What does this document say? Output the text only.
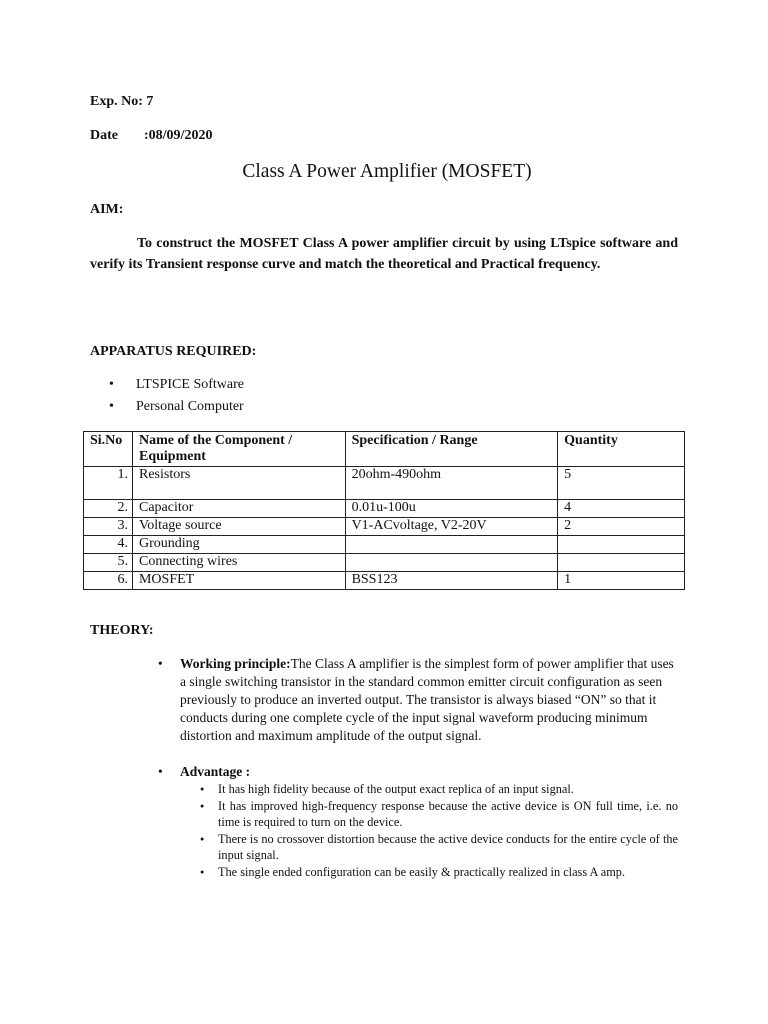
Exp. No: 7
Date :08/09/2020
Class A Power Amplifier (MOSFET)
AIM:

To construct the MOSFET Class A power amplifier circuit by using LTspice software and verify its Transient response curve and match the theoretical and Practical frequency.

APPARATUS REQUIRED:
• LTSPICE Software
• Personal Computer
Si.No	Name of the Component / Equipment	Specification / Range	Quantity
1.	Resistors	20ohm-490ohm	5
2.	Capacitor	0.01u-100u	4
3.	Voltage source	V1-ACvoltage, V2-20V	2
4.	Grounding		
5.	Connecting wires		
6.	MOSFET	BSS123	1
THEORY:
• Working principle:The Class A amplifier is the simplest form of power amplifier that uses a single switching transistor in the standard common emitter circuit configuration as seen previously to produce an inverted output. The transistor is always biased “ON” so that it conducts during one complete cycle of the input signal waveform producing minimum distortion and maximum amplitude of the output signal.
• Advantage :
● It has high fidelity because of the output exact replica of an input signal.
● It has improved high-frequency response because the active device is ON full time, i.e. no time is required to turn on the device.
● There is no crossover distortion because the active device conducts for the entire cycle of the input signal.
● The single ended configuration can be easily & practically realized in class A amp.
